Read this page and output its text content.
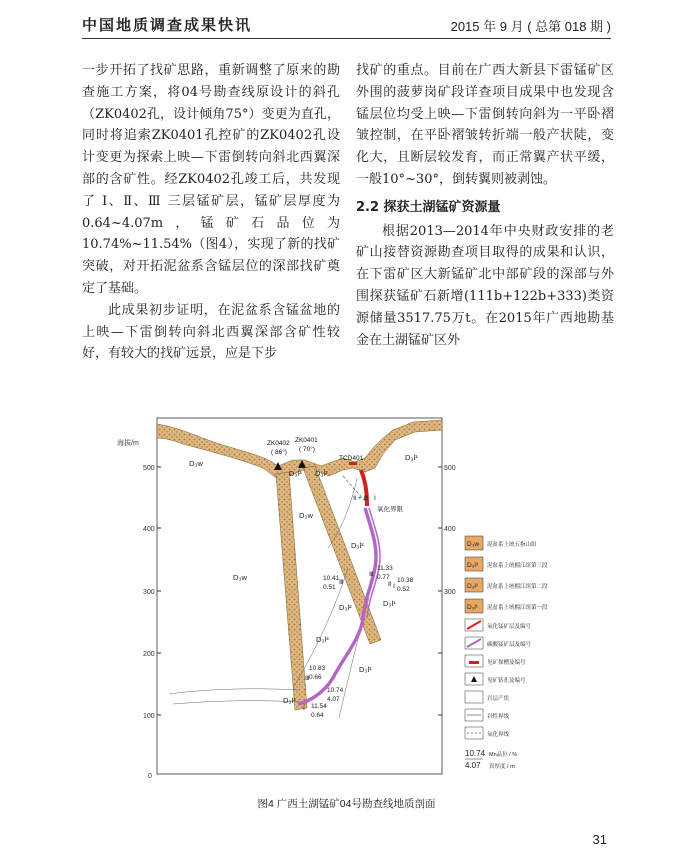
中国地质调查成果快讯	2015 年 9 月 ( 总第 018 期 )

一步开拓了找矿思路，重新调整了原来的勘查施工方案，将04号勘查线原设计的斜孔（ZK0402孔，设计倾角75°）变更为直孔，同时将追索ZK0401孔控矿的ZK0402孔设计变更为探索上映—下雷倒转向斜北西翼深部的含矿性。经ZK0402孔竣工后，共发现了 Ⅰ、Ⅱ、Ⅲ 三层锰矿层，锰矿层厚度为0.64~4.07m，锰矿石品位为10.74%~11.54%（图4），实现了新的找矿突破，对开拓泥盆系含锰层位的深部找矿奠定了基础。

此成果初步证明，在泥盆系含锰盆地的上映—下雷倒转向斜北西翼深部含矿性较好，有较大的找矿远景，应是下步

找矿的重点。目前在广西大新县下雷锰矿区外围的菠萝岗矿段详查项目成果中也发现含锰层位均受上映—下雷倒转向斜为一平卧褶皱控制，在平卧褶皱转折端一般产状陡，变化大，且断层较发育，而正常翼产状平缓，一般10°~30°，倒转翼则被剥蚀。

2.2 探获土湖锰矿资源量

根据2013—2014年中央财政安排的老矿山接替资源勘查项目取得的成果和认识，在下雷矿区大新锰矿北中部矿段的深部与外围探获锰矿石新增(111b+122b+333)类资源储量3517.75万t。在2015年广西地勘基金在土湖锰矿区外

海拔/m
500
400
300
200
100
0
500
400
300
ZK0402
( 86°)
ZK0401
( 70°)
TCD401
D₃w
D₃w
D₃w
D₃l³
D₃l³
D₃l³
D₃l²
D₃l²
D₃l²
D₃l¹
D₃l¹
D₃l¹
Ⅱ + Ⅲ Ⅰ
氧化界限
11.33
0.77 10.38
0.52
10.41
0.51
10.83
0.66
10.74
4.07
11.54
0.64
Ⅲ
Ⅲ
Ⅲ
Ⅱ Ⅰ
Ⅰ
D₃w 泥盆系上统五指山组
D₃l³ 泥盆系上统榴江组第三段
D₃l² 泥盆系上统榴江组第二段
D₃l¹ 泥盆系上统榴江组第一段
氧化锰矿层及编号
碳酸锰矿层及编号
见矿探槽及编号
见矿钻孔及编号
岩层产状
岩性界线
氧化界线
10.74
4.07
Mn品位 / %
真厚度 / m
图4 广西土湖锰矿04号勘查线地质剖面
31
